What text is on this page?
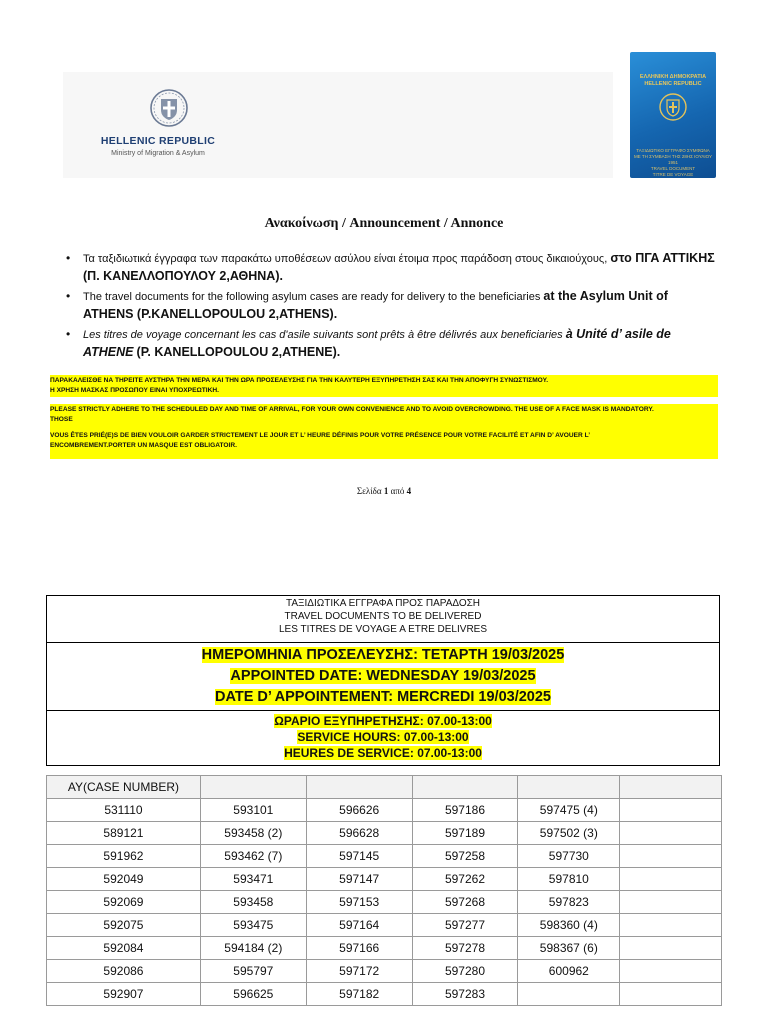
HELLENIC REPUBLIC
Ministry of Migration & Asylum
ΕΛΛΗΝΙΚΗ ΔΗΜΟΚΡΑΤΙΑ
HELLENIC REPUBLIC
ΤΑΞΙΔΙΩΤΙΚΟ ΕΓΓΡΑΦΟ ΣΥΜΦΩΝΑ
ΜΕ ΤΗ ΣΥΜΒΑΣΗ ΤΗΣ 28ΗΣ ΙΟΥΛΙΟΥ 1951
TRAVEL DOCUMENT
TITRE DE VOYAGE
Ανακοίνωση / Announcement / Annonce
• Τα ταξιδιωτικά έγγραφα των παρακάτω υποθέσεων ασύλου είναι έτοιμα προς παράδοση στους δικαιούχους, στο ΠΓΑ ΑΤΤΙΚΗΣ (Π. ΚΑΝΕΛΛΟΠΟΥΛΟΥ 2,ΑΘΗΝΑ).
• The travel documents for the following asylum cases are ready for delivery to the beneficiaries at the Asylum Unit of ATHENS (P.KANELLOPOULOU 2,ATHENS).
• Les titres de voyage concernant les cas d'asile suivants sont prêts à être délivrés aux beneficiaries à Unité d’ asile de ATHENE (P. KANELLOPOULOU 2,ATHENE).
ΠΑΡΑΚΑΛΕΙΣΘΕ ΝΑ ΤΗΡΕΙΤΕ ΑΥΣΤΗΡΑ ΤΗΝ ΜΕΡΑ ΚΑΙ ΤΗΝ ΩΡΑ ΠΡΟΣΕΛΕΥΣΗΣ ΓΙΑ ΤΗΝ ΚΑΛΥΤΕΡΗ ΕΞΥΠΗΡΕΤΗΣΗ ΣΑΣ ΚΑΙ ΤΗΝ ΑΠΟΦΥΓΗ ΣΥΝΩΣΤΙΣΜΟΥ.
Η ΧΡΗΣΗ ΜΑΣΚΑΣ ΠΡΟΣΩΠΟΥ ΕΙΝΑΙ ΥΠΟΧΡΕΩΤΙΚΗ.
PLEASE STRICTLY ADHERE TO THE SCHEDULED DAY AND TIME OF ARRIVAL, FOR YOUR OWN CONVENIENCE AND TO AVOID OVERCROWDING. THE USE OF A FACE MASK IS MANDATORY.
THOSE
VOUS ÊTES PRIÉ(E)S DE BIEN VOULOIR GARDER STRICTEMENT LE JOUR ET L’ HEURE DÉFINIS POUR VOTRE PRÉSENCE POUR VOTRE FACILITÉ ET AFIN D’ AVOUER L’
ENCOMBREMENT.PORTER UN MASQUE EST OBLIGATOIR.
Σελίδα 1 από 4
ΤΑΞΙΔΙΩΤΙΚΑ ΕΓΓΡΑΦΑ ΠΡΟΣ ΠΑΡΑΔΟΣΗ
TRAVEL DOCUMENTS TO BE DELIVERED
LES TITRES DE VOYAGE A ETRE DELIVRES
ΗΜΕΡΟΜΗΝΙΑ ΠΡΟΣΕΛΕΥΣΗΣ: ΤΕΤΑΡΤΗ 19/03/2025
APPOINTED DATE: WEDNESDAY 19/03/2025
DATE D’ APPOINTEMENT: MERCREDI 19/03/2025
ΩΡΑΡΙΟ ΕΞΥΠΗΡΕΤΗΣΗΣ: 07.00-13:00
SERVICE HOURS: 07.00-13:00
HEURES DE SERVICE: 07.00-13:00
AY(CASE NUMBER)					
531110	593101	596626	597186	597475 (4)	
589121	593458 (2)	596628	597189	597502 (3)	
591962	593462 (7)	597145	597258	597730	
592049	593471	597147	597262	597810	
592069	593458	597153	597268	597823	
592075	593475	597164	597277	598360 (4)	
592084	594184 (2)	597166	597278	598367 (6)	
592086	595797	597172	597280	600962	
592907	596625	597182	597283		
